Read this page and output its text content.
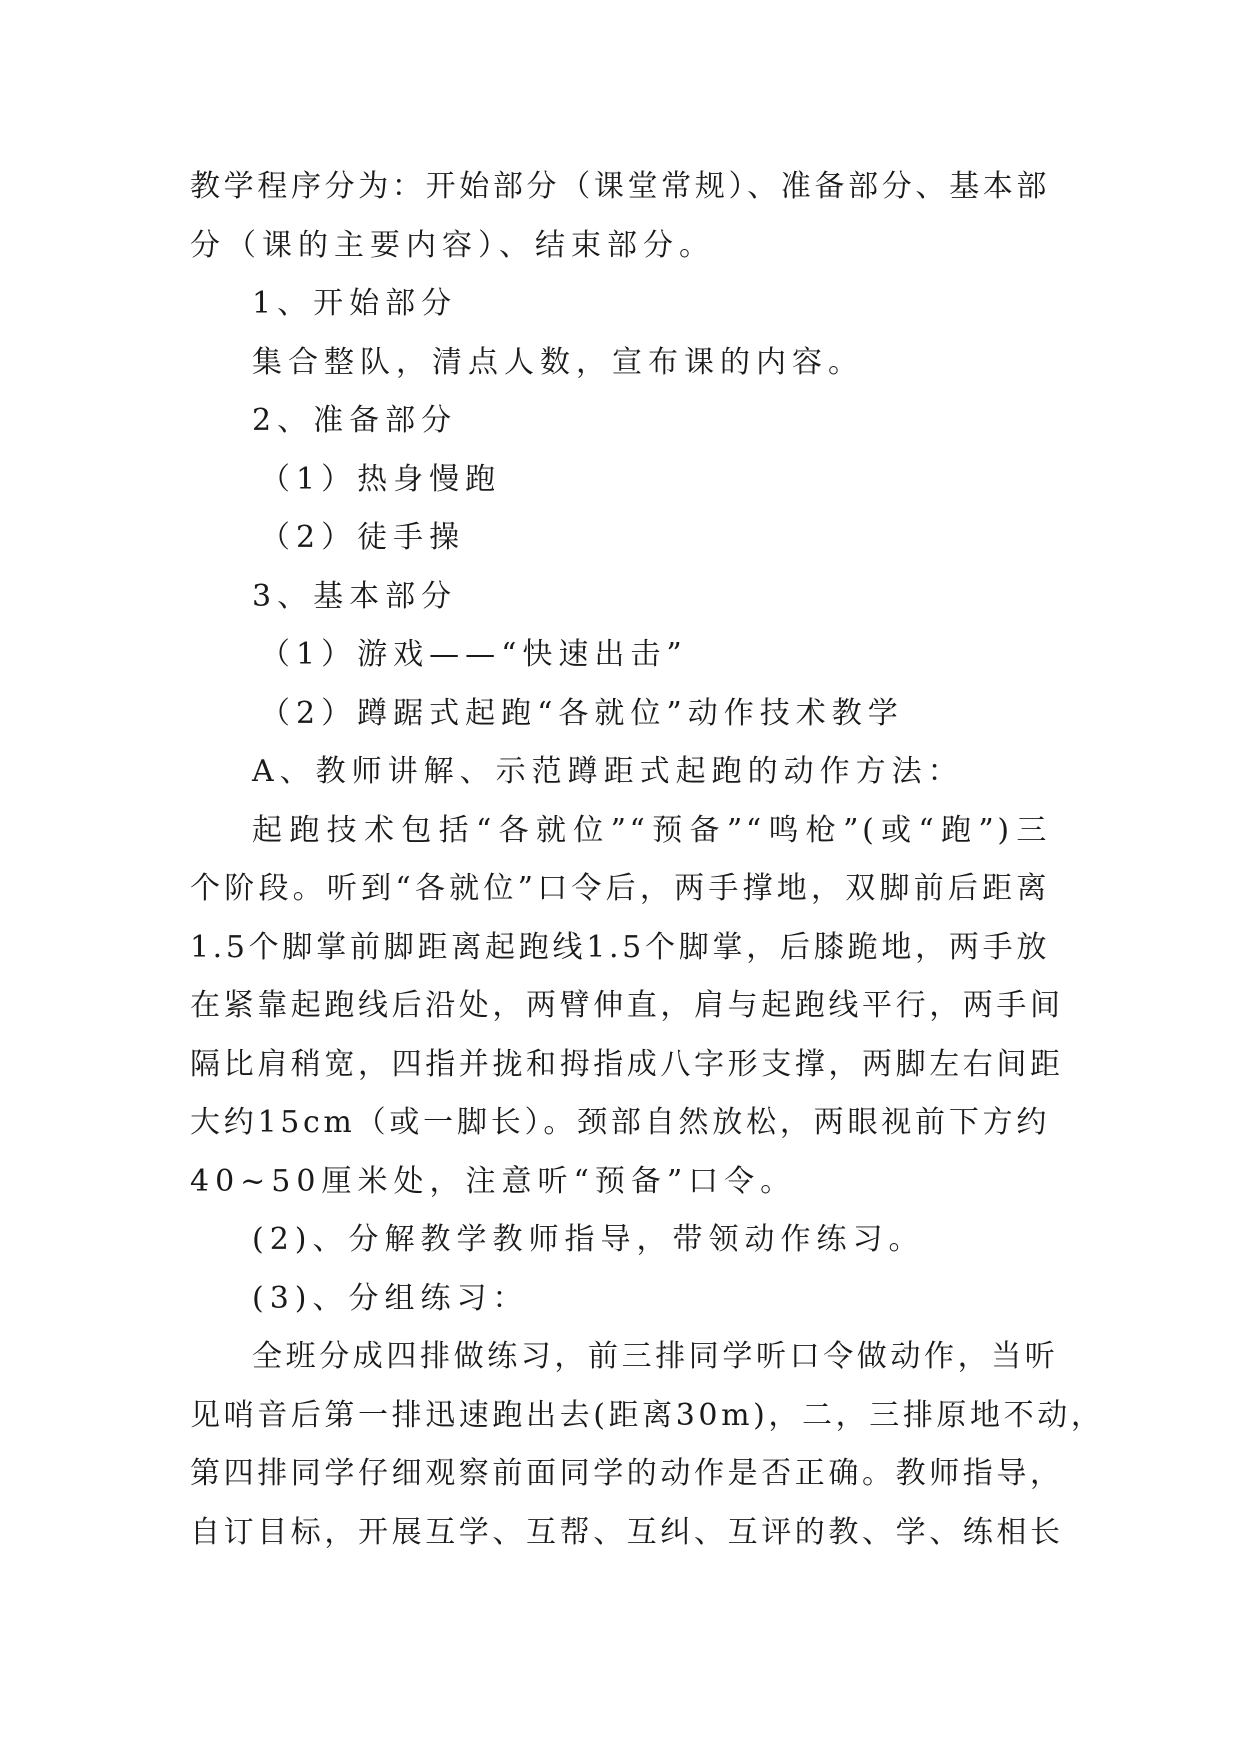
教学程序分为：开始部分（课堂常规）、准备部分、基本部
分（课的主要内容）、结束部分。
1、开始部分
集合整队，清点人数，宣布课的内容。
2、准备部分
（1）热身慢跑
（2）徒手操
3、基本部分
（1）游戏——“快速出击”
（2）蹲踞式起跑“各就位”动作技术教学
A、教师讲解、示范蹲距式起跑的动作方法：
起跑技术包括“各就位”“预备”“鸣枪”(或“跑”)三
个阶段。听到“各就位”口令后，两手撑地，双脚前后距离
1.5个脚掌前脚距离起跑线1.5个脚掌，后膝跪地，两手放
在紧靠起跑线后沿处，两臂伸直，肩与起跑线平行，两手间
隔比肩稍宽，四指并拢和拇指成八字形支撑，两脚左右间距
大约15cm（或一脚长）。颈部自然放松，两眼视前下方约
40~50厘米处，注意听“预备”口令。
(2)、分解教学教师指导，带领动作练习。
(3)、分组练习：
全班分成四排做练习，前三排同学听口令做动作，当听
见哨音后第一排迅速跑出去(距离30m)，二，三排原地不动，
第四排同学仔细观察前面同学的动作是否正确。教师指导，
自订目标，开展互学、互帮、互纠、互评的教、学、练相长
